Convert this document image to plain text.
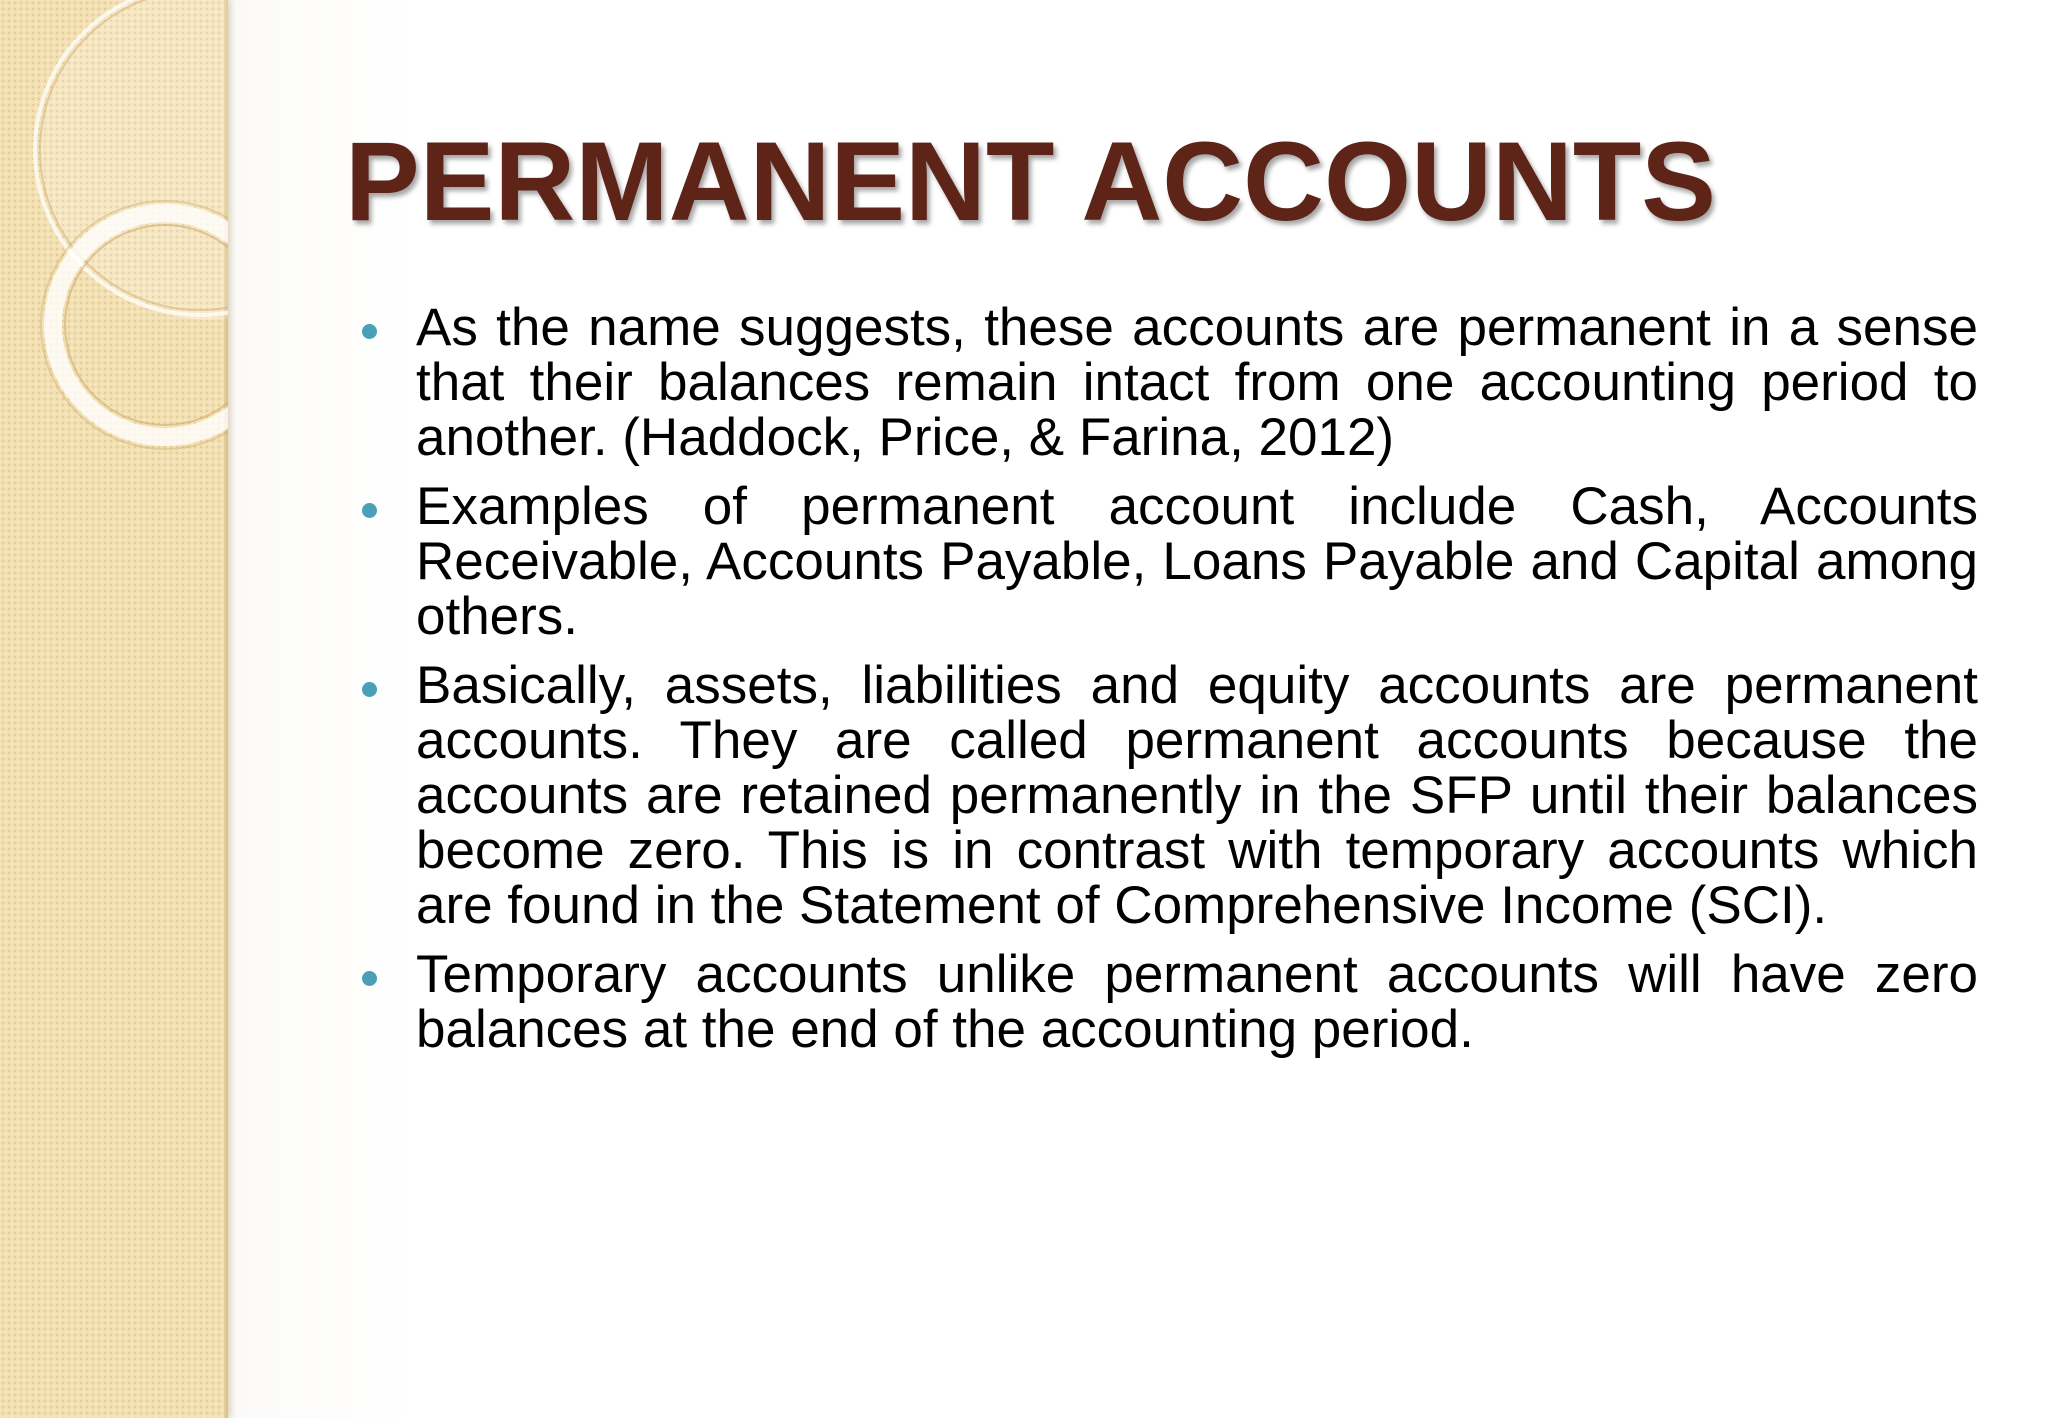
PERMANENT ACCOUNTS
As the name suggests, these accounts are permanent in a sense that their balances remain intact from one accounting period to another. (Haddock, Price, & Farina, 2012)
Examples of permanent account include Cash, Accounts Receivable, Accounts Payable, Loans Payable and Capital among others.
Basically, assets, liabilities and equity accounts are permanent accounts. They are called permanent accounts because the accounts are retained permanently in the SFP until their balances become zero. This is in contrast with temporary accounts which are found in the Statement of Comprehensive Income (SCI).
Temporary accounts unlike permanent accounts will have zero balances at the end of the accounting period.
